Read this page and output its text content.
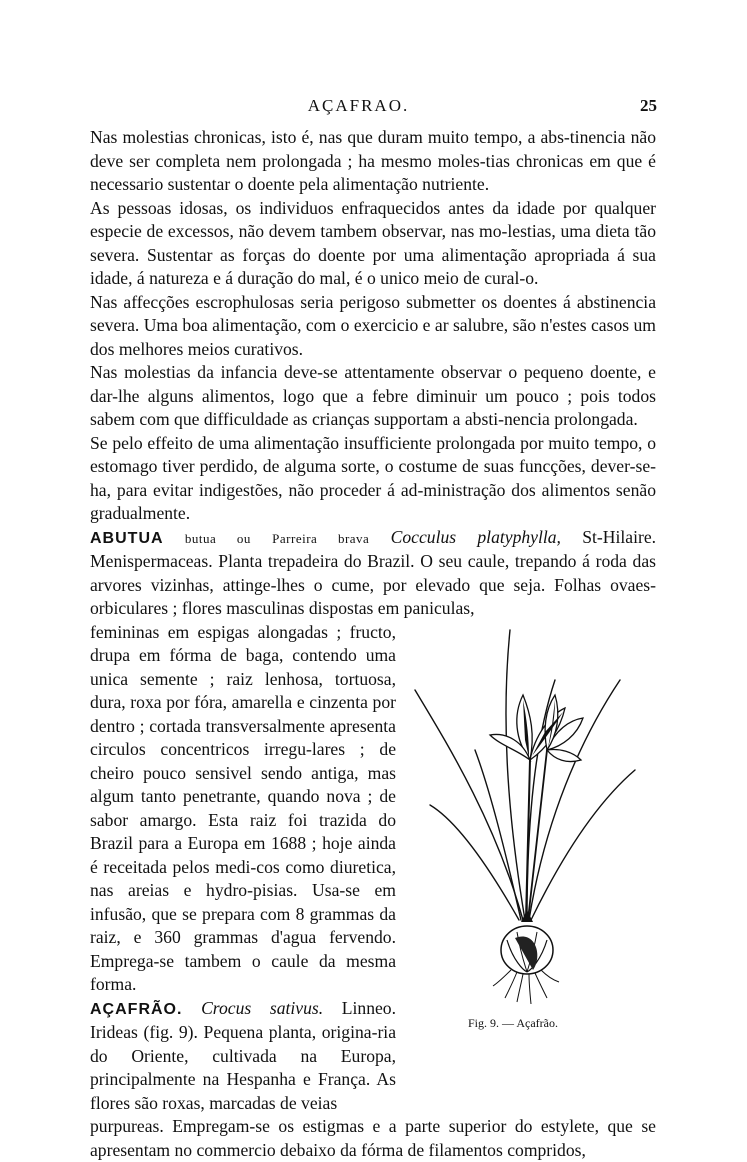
AÇAFRAO.	25

Nas molestias chronicas, isto é, nas que duram muito tempo, a abs-tinencia não deve ser completa nem prolongada ; ha mesmo moles-tias chronicas em que é necessario sustentar o doente pela alimentação nutriente.

As pessoas idosas, os individuos enfraquecidos antes da idade por qualquer especie de excessos, não devem tambem observar, nas mo-lestias, uma dieta tão severa. Sustentar as forças do doente por uma alimentação apropriada á sua idade, á natureza e á duração do mal, é o unico meio de cural-o.

Nas affecções escrophulosas seria perigoso submetter os doentes á abstinencia severa. Uma boa alimentação, com o exercicio e ar salubre, são n'estes casos um dos melhores meios curativos.

Nas molestias da infancia deve-se attentamente observar o pequeno doente, e dar-lhe alguns alimentos, logo que a febre diminuir um pouco ; pois todos sabem com que difficuldade as crianças supportam a absti-nencia prolongada.

Se pelo effeito de uma alimentação insufficiente prolongada por muito tempo, o estomago tiver perdido, de alguma sorte, o costume de suas funcções, dever-se-ha, para evitar indigestões, não proceder á ad-ministração dos alimentos senão gradualmente.

ABUTUA butua ou Parreira brava Cocculus platyphylla, St-Hilaire. Menispermaceas. Planta trepadeira do Brazil. O seu caule, trepando á roda das arvores vizinhas, attinge-lhes o cume, por elevado que seja. Folhas ovaes-orbiculares ; flores masculinas dispostas em paniculas,

femininas em espigas alongadas ; fructo, drupa em fórma de baga, contendo uma unica semente ; raiz lenhosa, tortuosa, dura, roxa por fóra, amarella e cinzenta por dentro ; cortada transversalmente apresenta circulos concentricos irregu-lares ; de cheiro pouco sensivel sendo antiga, mas algum tanto penetrante, quando nova ; de sabor amargo. Esta raiz foi trazida do Brazil para a Europa em 1688 ; hoje ainda é receitada pelos medi-cos como diuretica, nas areias e hydro-pisias. Usa-se em infusão, que se prepara com 8 grammas da raiz, e 360 grammas d'agua fervendo. Emprega-se tambem o caule da mesma forma.

AÇAFRÃO. Crocus sativus. Linneo. Irideas (fig. 9). Pequena planta, origina-ria do Oriente, cultivada na Europa, principalmente na Hespanha e França. As flores são roxas, marcadas de veias

purpureas. Empregam-se os estigmas e a parte superior do estylete, que se apresentam no commercio debaixo da fórma de filamentos compridos,

Fig. 9. — Açafrão.
